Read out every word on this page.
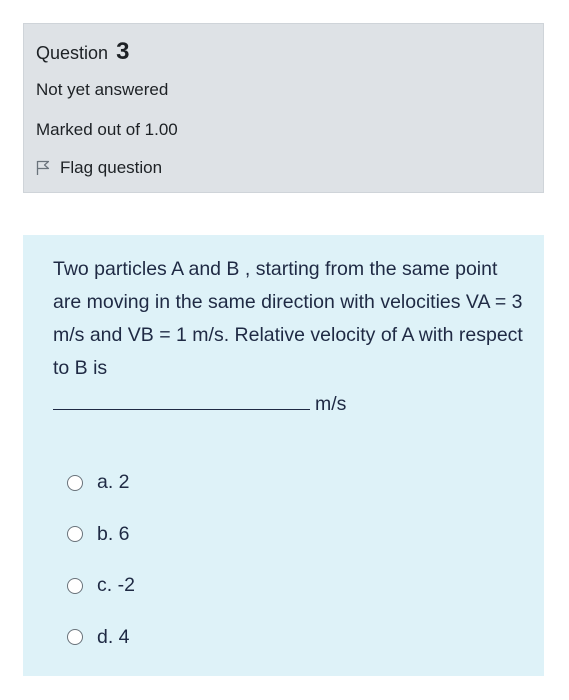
Question 3
Not yet answered
Marked out of 1.00
Flag question
Two particles A and B , starting from the same point are moving in the same direction with velocities VA = 3 m/s and VB = 1 m/s. Relative velocity of A with respect to B is
m/s
a. 2
b. 6
c. -2
d. 4
